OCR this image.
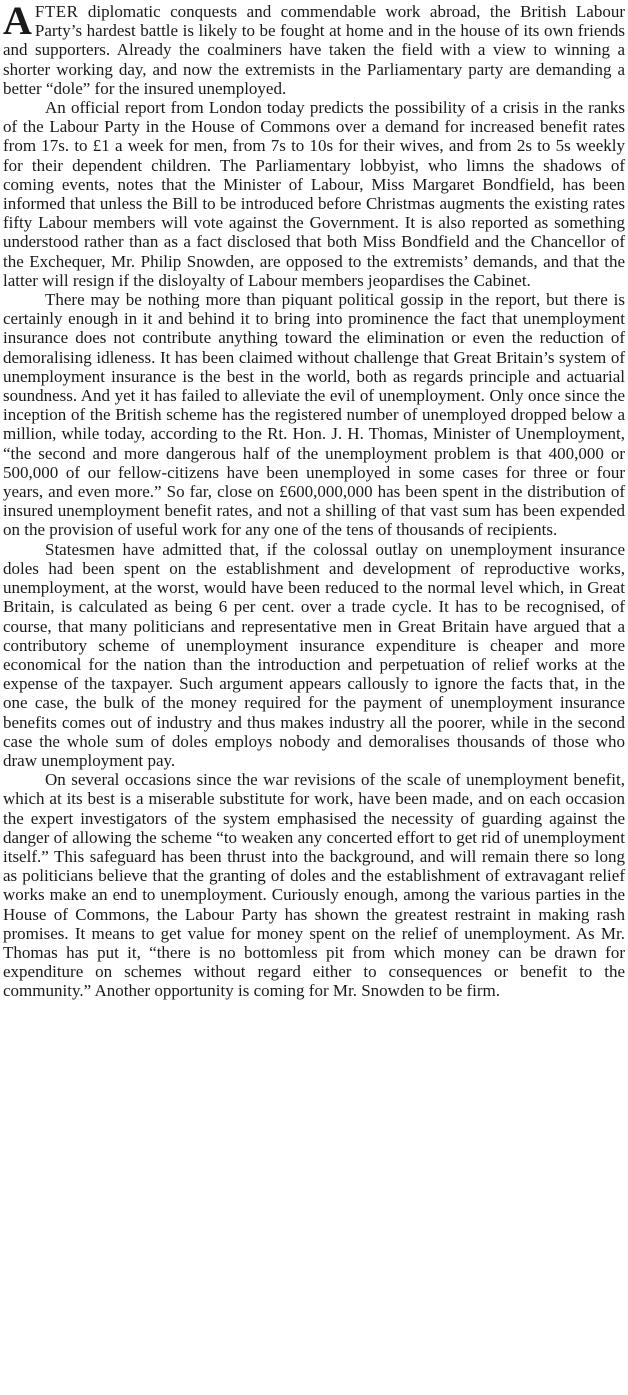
AFTER diplomatic conquests and commendable work abroad, the British Labour Party’s hardest battle is likely to be fought at home and in the house of its own friends and supporters. Already the coalminers have taken the field with a view to winning a shorter working day, and now the extremists in the Parliamentary party are demanding a better “dole” for the insured unemployed.

An official report from London today predicts the possibility of a crisis in the ranks of the Labour Party in the House of Commons over a demand for increased benefit rates from 17s. to £1 a week for men, from 7s to 10s for their wives, and from 2s to 5s weekly for their dependent children. The Parliamentary lobbyist, who limns the shadows of coming events, notes that the Minister of Labour, Miss Margaret Bondfield, has been informed that unless the Bill to be introduced before Christmas augments the existing rates fifty Labour members will vote against the Government. It is also reported as something understood rather than as a fact disclosed that both Miss Bondfield and the Chancellor of the Exchequer, Mr. Philip Snowden, are opposed to the extremists’ demands, and that the latter will resign if the disloyalty of Labour members jeopardises the Cabinet.

There may be nothing more than piquant political gossip in the report, but there is certainly enough in it and behind it to bring into prominence the fact that unemployment insurance does not contribute anything toward the elimination or even the reduction of demoralising idleness. It has been claimed without challenge that Great Britain’s system of unemployment insurance is the best in the world, both as regards principle and actuarial soundness. And yet it has failed to alleviate the evil of unemployment. Only once since the inception of the British scheme has the registered number of unemployed dropped below a million, while today, according to the Rt. Hon. J. H. Thomas, Minister of Unemployment, “the second and more dangerous half of the unemployment problem is that 400,000 or 500,000 of our fellow-citizens have been unemployed in some cases for three or four years, and even more.” So far, close on £600,000,000 has been spent in the distribution of insured unemployment benefit rates, and not a shilling of that vast sum has been expended on the provision of useful work for any one of the tens of thousands of recipients.

Statesmen have admitted that, if the colossal outlay on unemployment insurance doles had been spent on the establishment and development of reproductive works, unemployment, at the worst, would have been reduced to the normal level which, in Great Britain, is calculated as being 6 per cent. over a trade cycle. It has to be recognised, of course, that many politicians and representative men in Great Britain have argued that a contributory scheme of unemployment insurance expenditure is cheaper and more economical for the nation than the introduction and perpetuation of relief works at the expense of the taxpayer. Such argument appears callously to ignore the facts that, in the one case, the bulk of the money required for the payment of unemployment insurance benefits comes out of industry and thus makes industry all the poorer, while in the second case the whole sum of doles employs nobody and demoralises thousands of those who draw unemployment pay.

On several occasions since the war revisions of the scale of unemployment benefit, which at its best is a miserable substitute for work, have been made, and on each occasion the expert investigators of the system emphasised the necessity of guarding against the danger of allowing the scheme “to weaken any concerted effort to get rid of unemployment itself.” This safeguard has been thrust into the background, and will remain there so long as politicians believe that the granting of doles and the establishment of extravagant relief works make an end to unemployment. Curiously enough, among the various parties in the House of Commons, the Labour Party has shown the greatest restraint in making rash promises. It means to get value for money spent on the relief of unemployment. As Mr. Thomas has put it, “there is no bottomless pit from which money can be drawn for expenditure on schemes without regard either to consequences or benefit to the community.” Another opportunity is coming for Mr. Snowden to be firm.
